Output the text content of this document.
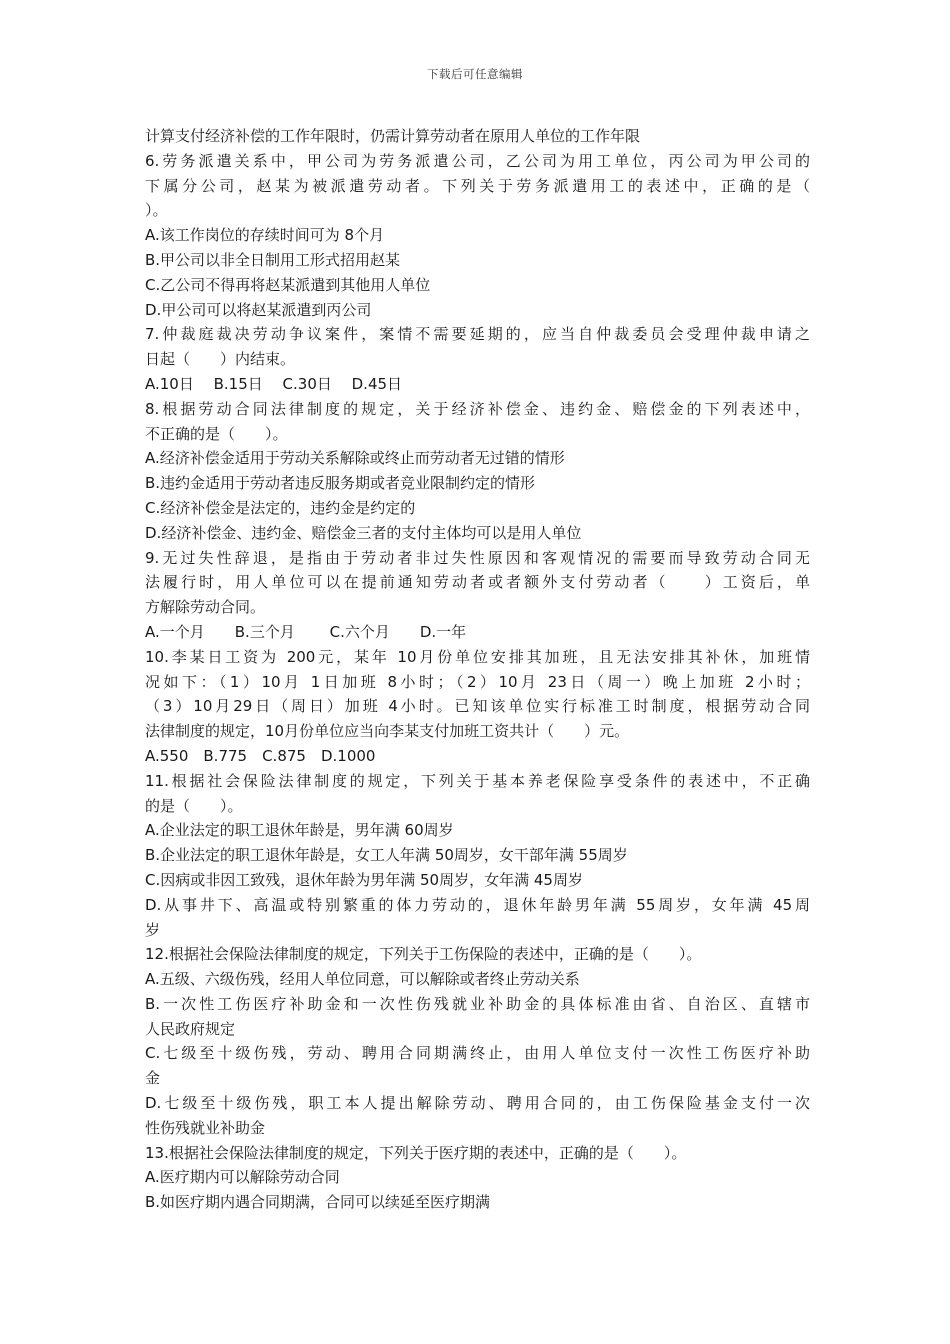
下载后可任意编辑
计算支付经济补偿的工作年限时，仍需计算劳动者在原用人单位的工作年限
6.劳务派遣关系中，甲公司为劳务派遣公司，乙公司为用工单位，丙公司为甲公司的
下属分公司，赵某为被派遣劳动者。下列关于劳务派遣用工的表述中，正确的是（
）。
A.该工作岗位的存续时间可为 8个月
B.甲公司以非全日制用工形式招用赵某
C.乙公司不得再将赵某派遣到其他用人单位
D.甲公司可以将赵某派遣到丙公司
7.仲裁庭裁决劳动争议案件，案情不需要延期的，应当自仲裁委员会受理仲裁申请之
日起（　　）内结束。
A.10日　 B.15日　 C.30日　 D.45日
8.根据劳动合同法律制度的规定，关于经济补偿金、违约金、赔偿金的下列表述中，
不正确的是（　　）。
A.经济补偿金适用于劳动关系解除或终止而劳动者无过错的情形
B.违约金适用于劳动者违反服务期或者竞业限制约定的情形
C.经济补偿金是法定的，违约金是约定的
D.经济补偿金、违约金、赔偿金三者的支付主体均可以是用人单位
9.无过失性辞退，是指由于劳动者非过失性原因和客观情况的需要而导致劳动合同无
法履行时，用人单位可以在提前通知劳动者或者额外支付劳动者（　　）工资后，单
方解除劳动合同。
A.一个月　　B.三个月　　 C.六个月　　D.一年
10.李某日工资为 200元，某年 10月份单位安排其加班，且无法安排其补休，加班情
况如下：（1）10月 1日加班 8小时；（2）10月 23日（周一）晚上加班 2小时；
（3）10月29日（周日）加班 4小时。已知该单位实行标准工时制度，根据劳动合同
法律制度的规定，10月份单位应当向李某支付加班工资共计（　　）元。
A.550　B.775　C.875　D.1000
11.根据社会保险法律制度的规定，下列关于基本养老保险享受条件的表述中，不正确
的是（　　）。
A.企业法定的职工退休年龄是，男年满 60周岁
B.企业法定的职工退休年龄是，女工人年满 50周岁，女干部年满 55周岁
C.因病或非因工致残，退休年龄为男年满 50周岁，女年满 45周岁
D.从事井下、高温或特别繁重的体力劳动的，退休年龄男年满 55周岁，女年满 45周
岁
12.根据社会保险法律制度的规定，下列关于工伤保险的表述中，正确的是（　　）。
A.五级、六级伤残，经用人单位同意，可以解除或者终止劳动关系
B.一次性工伤医疗补助金和一次性伤残就业补助金的具体标准由省、自治区、直辖市
人民政府规定
C.七级至十级伤残，劳动、聘用合同期满终止，由用人单位支付一次性工伤医疗补助
金
D.七级至十级伤残，职工本人提出解除劳动、聘用合同的，由工伤保险基金支付一次
性伤残就业补助金
13.根据社会保险法律制度的规定，下列关于医疗期的表述中，正确的是（　　）。
A.医疗期内可以解除劳动合同
B.如医疗期内遇合同期满，合同可以续延至医疗期满
